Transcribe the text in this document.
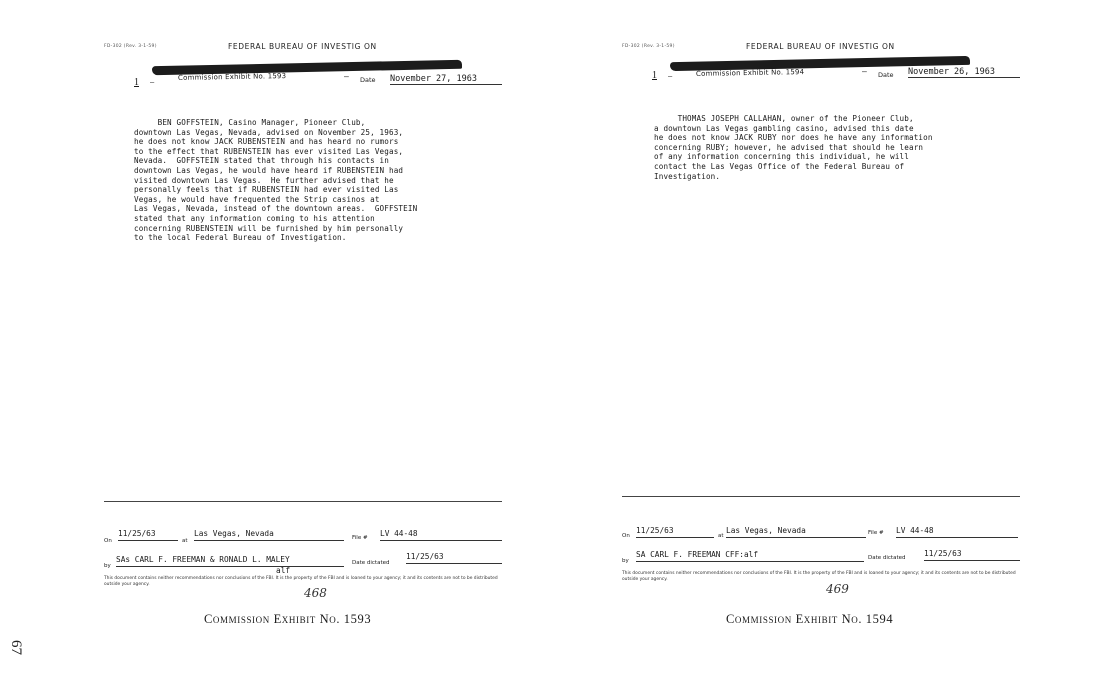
FD-302 (Rev. 3-1-59)	FEDERAL BUREAU OF INVESTIG ON
1 –
Commission Exhibit No. 1593	— Date November 27, 1963
BEN GOFFSTEIN, Casino Manager, Pioneer Club,
downtown Las Vegas, Nevada, advised on November 25, 1963,
he does not know JACK RUBENSTEIN and has heard no rumors
to the effect that RUBENSTEIN has ever visited Las Vegas,
Nevada.  GOFFSTEIN stated that through his contacts in
downtown Las Vegas, he would have heard if RUBENSTEIN had
visited downtown Las Vegas.  He further advised that he
personally feels that if RUBENSTEIN had ever visited Las
Vegas, he would have frequented the Strip casinos at
Las Vegas, Nevada, instead of the downtown areas.  GOFFSTEIN
stated that any information coming to his attention
concerning RUBENSTEIN will be furnished by him personally
to the local Federal Bureau of Investigation.
On
11/25/63
at
Las Vegas, Nevada	File # LV 44-48
by
SAs CARL F. FREEMAN & RONALD L. MALEY	Date dictated
11/25/63
alf
This document contains neither recommendations nor conclusions of the FBI. It is the property of the FBI and is loaned to your agency; it and its contents are not to be distributed outside your agency.
468
FD-302 (Rev. 3-1-59)	FEDERAL BUREAU OF INVESTIG ON
1 –	Commission Exhibit No. 1594	— Date November 26, 1963
THOMAS JOSEPH CALLAHAN, owner of the Pioneer Club,
a downtown Las Vegas gambling casino, advised this date
he does not know JACK RUBY nor does he have any information
concerning RUBY; however, he advised that should he learn
of any information concerning this individual, he will
contact the Las Vegas Office of the Federal Bureau of
Investigation.
On
11/25/63
at
Las Vegas, Nevada	File # LV 44-48
by
SA CARL F. FREEMAN CFF:alf	Date dictated 11/25/63
This document contains neither recommendations nor conclusions of the FBI. It is the property of the FBI and is loaned to your agency; it and its contents are not to be distributed outside your agency.
469
Commission Exhibit No. 1593	Commission Exhibit No. 1594
67
